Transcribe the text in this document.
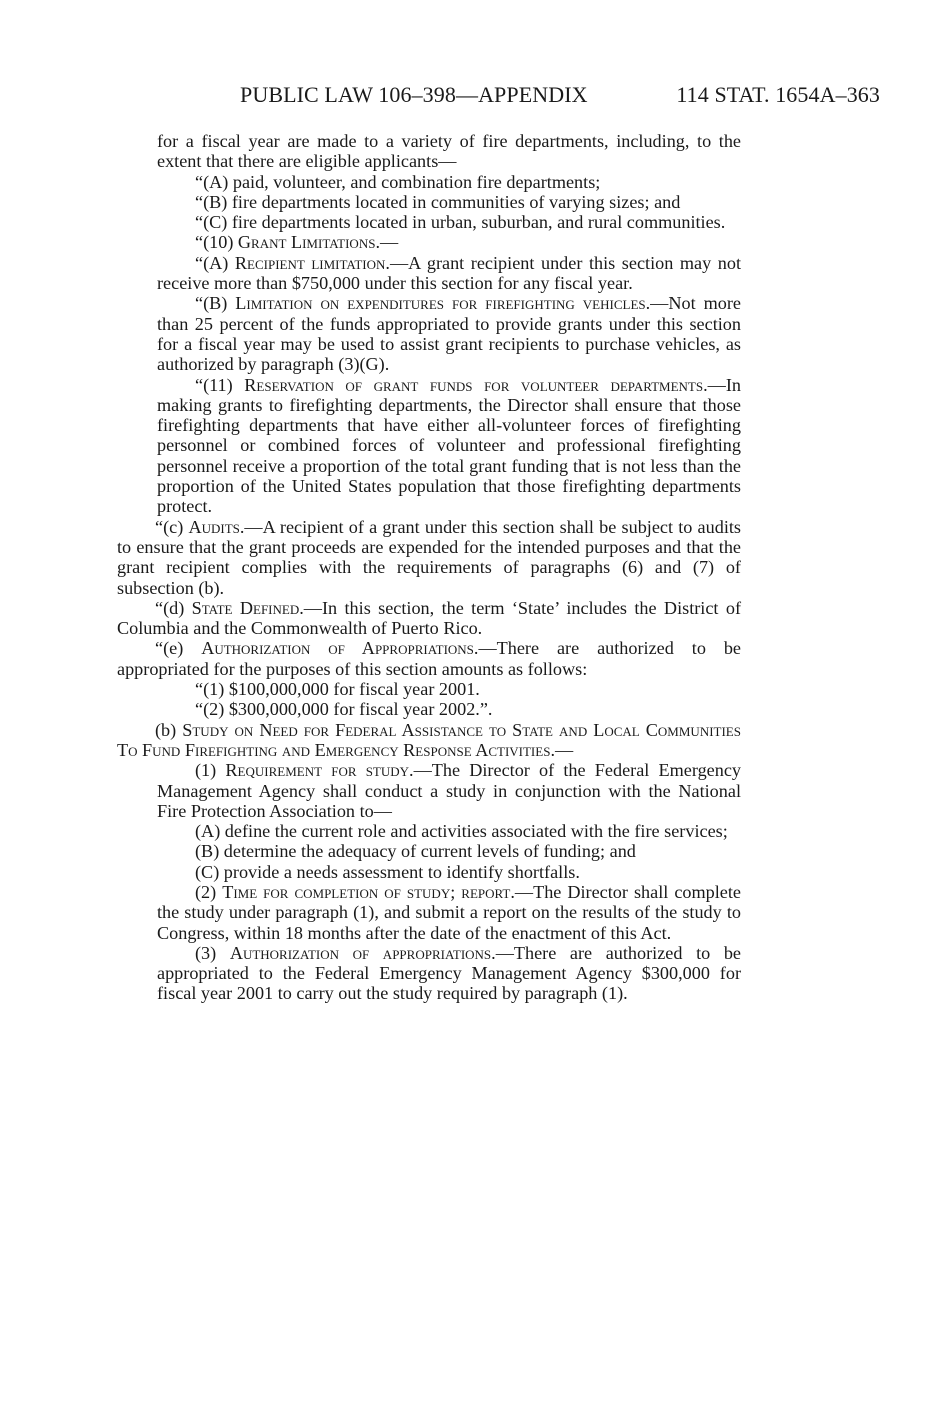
PUBLIC LAW 106–398—APPENDIX	114 STAT. 1654A–363

for a fiscal year are made to a variety of fire departments, including, to the extent that there are eligible applicants—

“(A) paid, volunteer, and combination fire departments;

“(B) fire departments located in communities of varying sizes; and

“(C) fire departments located in urban, suburban, and rural communities.

“(10) Grant Limitations.—

“(A) Recipient limitation.—A grant recipient under this section may not receive more than $750,000 under this section for any fiscal year.

“(B) Limitation on expenditures for firefighting vehicles.—Not more than 25 percent of the funds appropriated to provide grants under this section for a fiscal year may be used to assist grant recipients to purchase vehicles, as authorized by paragraph (3)(G).

“(11) Reservation of grant funds for volunteer departments.—In making grants to firefighting departments, the Director shall ensure that those firefighting departments that have either all-volunteer forces of firefighting personnel or combined forces of volunteer and professional firefighting personnel receive a proportion of the total grant funding that is not less than the proportion of the United States population that those firefighting departments protect.

“(c) Audits.—A recipient of a grant under this section shall be subject to audits to ensure that the grant proceeds are expended for the intended purposes and that the grant recipient complies with the requirements of paragraphs (6) and (7) of subsection (b).

“(d) State Defined.—In this section, the term ‘State’ includes the District of Columbia and the Commonwealth of Puerto Rico.

“(e) Authorization of Appropriations.—There are authorized to be appropriated for the purposes of this section amounts as follows:

“(1) $100,000,000 for fiscal year 2001.

“(2) $300,000,000 for fiscal year 2002.”.

(b) Study on Need for Federal Assistance to State and Local Communities To Fund Firefighting and Emergency Response Activities.—

(1) Requirement for study.—The Director of the Federal Emergency Management Agency shall conduct a study in conjunction with the National Fire Protection Association to—

(A) define the current role and activities associated with the fire services;

(B) determine the adequacy of current levels of funding; and

(C) provide a needs assessment to identify shortfalls.

(2) Time for completion of study; report.—The Director shall complete the study under paragraph (1), and submit a report on the results of the study to Congress, within 18 months after the date of the enactment of this Act.

(3) Authorization of appropriations.—There are authorized to be appropriated to the Federal Emergency Management Agency $300,000 for fiscal year 2001 to carry out the study required by paragraph (1).
